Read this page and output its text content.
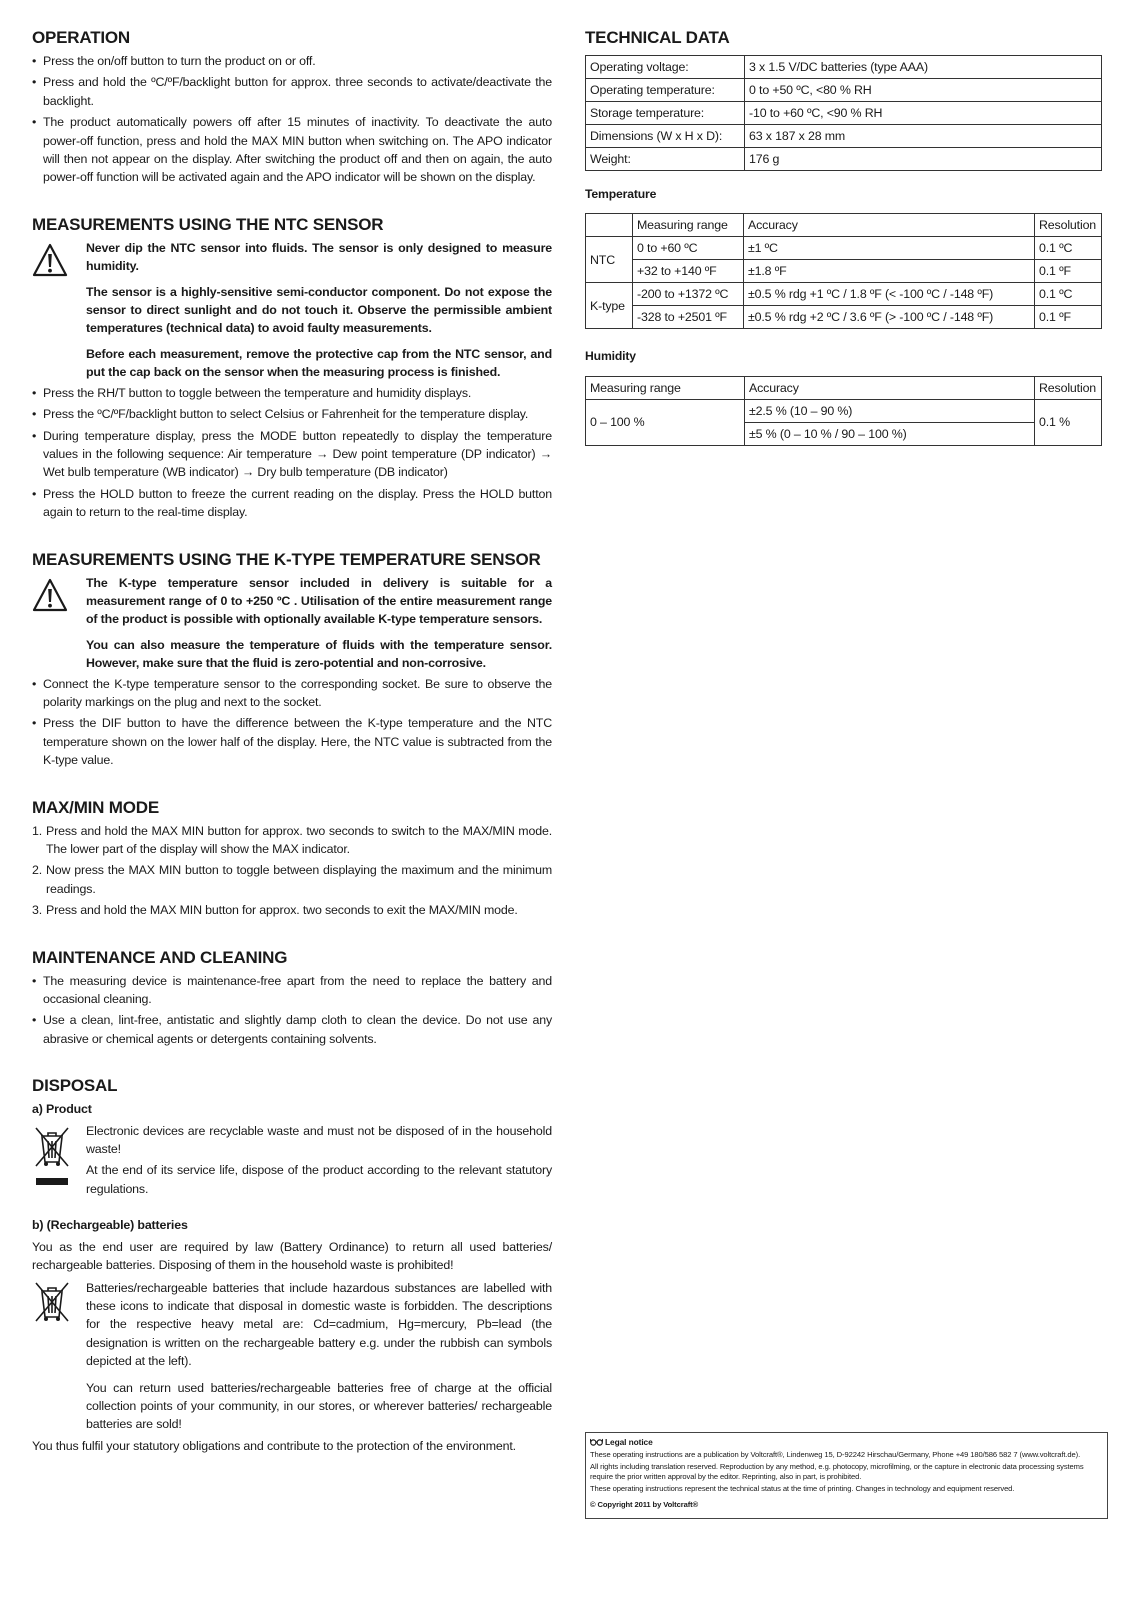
OPERATION
• Press the on/off button to turn the product on or off.
• Press and hold the ºC/ºF/backlight button for approx. three seconds to activate/deactivate the backlight.
• The product automatically powers off after 15 minutes of inactivity. To deactivate the auto power-off function, press and hold the MAX MIN button when switching on. The APO indicator will then not appear on the display. After switching the product off and then on again, the auto power-off function will be activated again and the APO indicator will be shown on the display.
MEASUREMENTS USING THE NTC SENSOR

Never dip the NTC sensor into fluids. The sensor is only designed to measure humidity.

The sensor is a highly-sensitive semi-conductor component. Do not expose the sensor to direct sunlight and do not touch it. Observe the permissible ambient temperatures (technical data) to avoid faulty measurements.

Before each measurement, remove the protective cap from the NTC sensor, and put the cap back on the sensor when the measuring process is finished.

• Press the RH/T button to toggle between the temperature and humidity displays.
• Press the ºC/ºF/backlight button to select Celsius or Fahrenheit for the temperature display.
• During temperature display, press the MODE button repeatedly to display the temperature values in the following sequence: Air temperature → Dew point temperature (DP indicator) → Wet bulb temperature (WB indicator) → Dry bulb temperature (DB indicator)
• Press the HOLD button to freeze the current reading on the display. Press the HOLD button again to return to the real-time display.
MEASUREMENTS USING THE K-TYPE TEMPERATURE SENSOR

The K-type temperature sensor included in delivery is suitable for a measurement range of 0 to +250 ºC . Utilisation of the entire measurement range of the product is possible with optionally available K-type temperature sensors.

You can also measure the temperature of fluids with the temperature sensor. However, make sure that the fluid is zero-potential and non-corrosive.

• Connect the K-type temperature sensor to the corresponding socket. Be sure to observe the polarity markings on the plug and next to the socket.
• Press the DIF button to have the difference between the K-type temperature and the NTC temperature shown on the lower half of the display. Here, the NTC value is subtracted from the K-type value.
MAX/MIN MODE
1. Press and hold the MAX MIN button for approx. two seconds to switch to the MAX/MIN mode. The lower part of the display will show the MAX indicator.
2. Now press the MAX MIN button to toggle between displaying the maximum and the minimum readings.
3. Press and hold the MAX MIN button for approx. two seconds to exit the MAX/MIN mode.
MAINTENANCE AND CLEANING
• The measuring device is maintenance-free apart from the need to replace the battery and occasional cleaning.
• Use a clean, lint-free, antistatic and slightly damp cloth to clean the device. Do not use any abrasive or chemical agents or detergents containing solvents.
DISPOSAL
a) Product

Electronic devices are recyclable waste and must not be disposed of in the household waste!

At the end of its service life, dispose of the product according to the relevant statutory regulations.

b) (Rechargeable) batteries
You as the end user are required by law (Battery Ordinance) to return all used batteries/ rechargeable batteries. Disposing of them in the household waste is prohibited!

Batteries/rechargeable batteries that include hazardous substances are labelled with these icons to indicate that disposal in domestic waste is forbidden. The descriptions for the respective heavy metal are: Cd=cadmium, Hg=mercury, Pb=lead (the designation is written on the rechargeable battery e.g. under the rubbish can symbols depicted at the left).

You can return used batteries/rechargeable batteries free of charge at the official collection points of your community, in our stores, or wherever batteries/ rechargeable batteries are sold!

You thus fulfil your statutory obligations and contribute to the protection of the environment.
TECHNICAL DATA
Operating voltage:	3 x 1.5 V/DC batteries (type AAA)
Operating temperature:	0 to +50 ºC, <80 % RH
Storage temperature:	-10 to +60 ºC, <90 % RH
Dimensions (W x H x D):	63 x 187 x 28 mm
Weight:	176 g
Temperature
	Measuring range	Accuracy	Resolution
NTC	0 to +60 ºC	±1 ºC	0.1 ºC
	+32 to +140 ºF	±1.8 ºF	0.1 ºF
K-type	-200 to +1372 ºC	±0.5 % rdg +1 ºC / 1.8 ºF (< -100 ºC / -148 ºF)	0.1 ºC
	-328 to +2501 ºF	±0.5 % rdg +2 ºC / 3.6 ºF (> -100 ºC / -148 ºF)	0.1 ºF
Humidity
Measuring range	Accuracy	Resolution
0 – 100 %	±2.5 % (10 – 90 %)	0.1 %
	±5 % (0 – 10 % / 90 – 100 %)	
Legal notice

These operating instructions are a publication by Voltcraft®, Lindenweg 15, D-92242 Hirschau/Germany, Phone +49 180/586 582 7 (www.voltcraft.de).

All rights including translation reserved. Reproduction by any method, e.g. photocopy, microfilming, or the capture in electronic data processing systems require the prior written approval by the editor. Reprinting, also in part, is prohibited.

These operating instructions represent the technical status at the time of printing. Changes in technology and equipment reserved.

© Copyright 2011 by Voltcraft®
